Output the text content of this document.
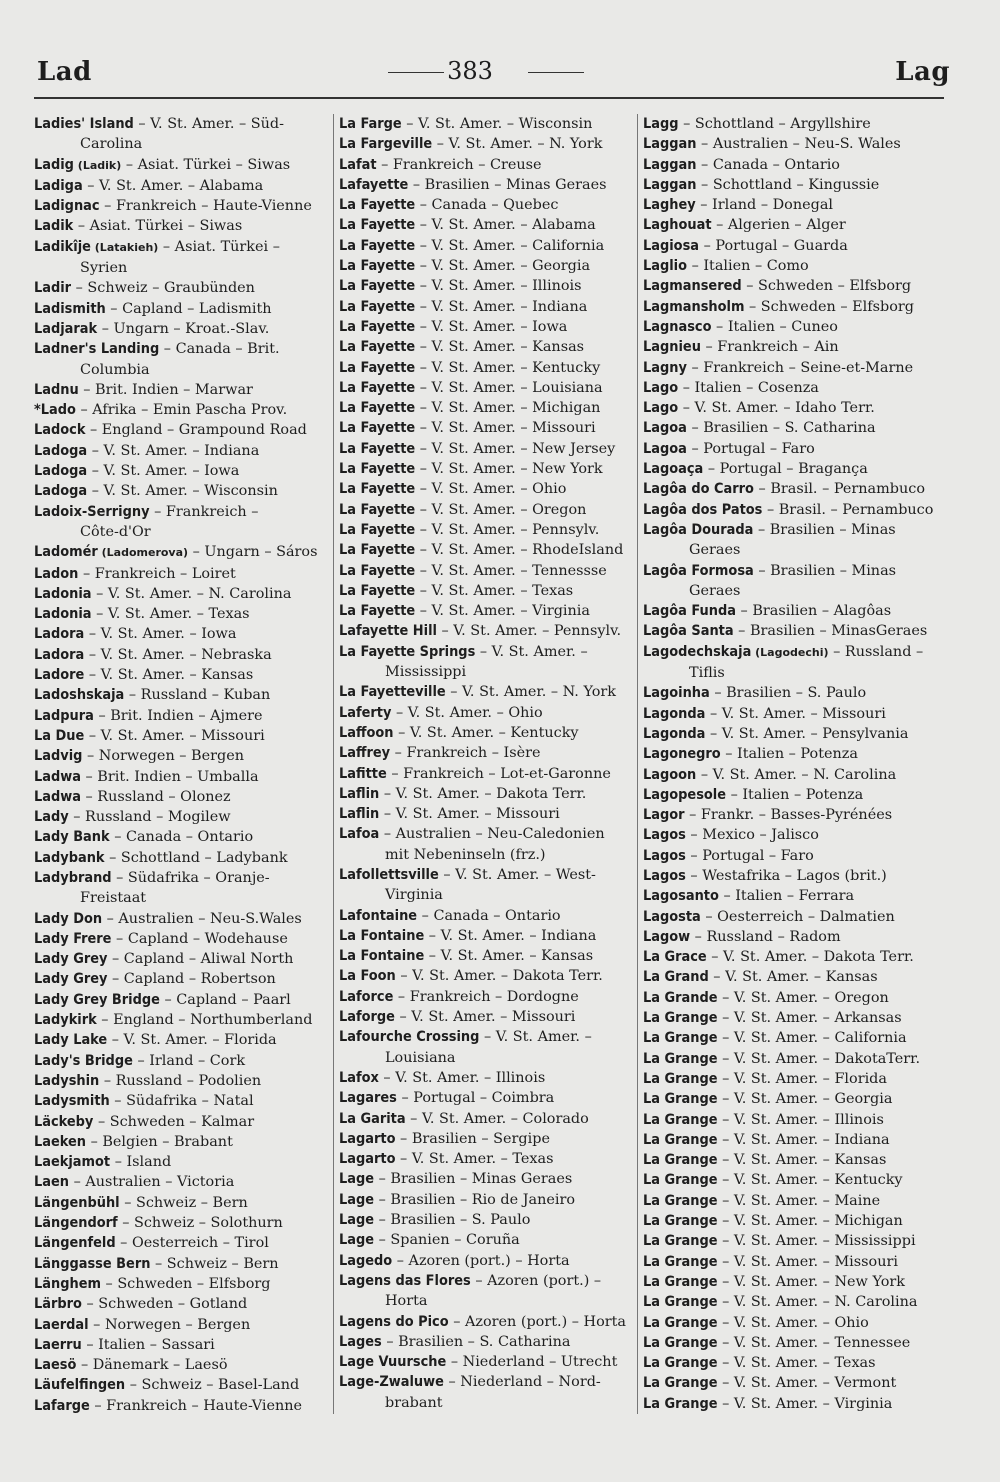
Lad	383	Lag

Ladies' Island – V. St. Amer. – Süd-
Carolina

Ladig (Ladik) – Asiat. Türkei – Siwas

Ladiga – V. St. Amer. – Alabama

Ladignac – Frankreich – Haute-Vienne

Ladik – Asiat. Türkei – Siwas

Ladikîje (Latakieh) – Asiat. Türkei –
Syrien

Ladir – Schweiz – Graubünden

Ladismith – Capland – Ladismith

Ladjarak – Ungarn – Kroat.-Slav.

Ladner's Landing – Canada – Brit.
Columbia

Ladnu – Brit. Indien – Marwar

*Lado – Afrika – Emin Pascha Prov.

Ladock – England – Grampound Road

Ladoga – V. St. Amer. – Indiana

Ladoga – V. St. Amer. – Iowa

Ladoga – V. St. Amer. – Wisconsin

Ladoix-Serrigny – Frankreich –
Côte-d'Or

Ladomér (Ladomerova) – Ungarn – Sáros

Ladon – Frankreich – Loiret

Ladonia – V. St. Amer. – N. Carolina

Ladonia – V. St. Amer. – Texas

Ladora – V. St. Amer. – Iowa

Ladora – V. St. Amer. – Nebraska

Ladore – V. St. Amer. – Kansas

Ladoshskaja – Russland – Kuban

Ladpura – Brit. Indien – Ajmere

La Due – V. St. Amer. – Missouri

Ladvig – Norwegen – Bergen

Ladwa – Brit. Indien – Umballa

Ladwa – Russland – Olonez

Lady – Russland – Mogilew

Lady Bank – Canada – Ontario

Ladybank – Schottland – Ladybank

Ladybrand – Südafrika – Oranje-
Freistaat

Lady Don – Australien – Neu-S.Wales

Lady Frere – Capland – Wodehause

Lady Grey – Capland – Aliwal North

Lady Grey – Capland – Robertson

Lady Grey Bridge – Capland – Paarl

Ladykirk – England – Northumberland

Lady Lake – V. St. Amer. – Florida

Lady's Bridge – Irland – Cork

Ladyshin – Russland – Podolien

Ladysmith – Südafrika – Natal

Läckeby – Schweden – Kalmar

Laeken – Belgien – Brabant

Laekjamot – Island

Laen – Australien – Victoria

Längenbühl – Schweiz – Bern

Längendorf – Schweiz – Solothurn

Längenfeld – Oesterreich – Tirol

Länggasse Bern – Schweiz – Bern

Länghem – Schweden – Elfsborg

Lärbro – Schweden – Gotland

Laerdal – Norwegen – Bergen

Laerru – Italien – Sassari

Laesö – Dänemark – Laesö

Läufelfingen – Schweiz – Basel-Land

Lafarge – Frankreich – Haute-Vienne

La Farge – V. St. Amer. – Wisconsin

La Fargeville – V. St. Amer. – N. York

Lafat – Frankreich – Creuse

Lafayette – Brasilien – Minas Geraes

La Fayette – Canada – Quebec

La Fayette – V. St. Amer. – Alabama

La Fayette – V. St. Amer. – California

La Fayette – V. St. Amer. – Georgia

La Fayette – V. St. Amer. – Illinois

La Fayette – V. St. Amer. – Indiana

La Fayette – V. St. Amer. – Iowa

La Fayette – V. St. Amer. – Kansas

La Fayette – V. St. Amer. – Kentucky

La Fayette – V. St. Amer. – Louisiana

La Fayette – V. St. Amer. – Michigan

La Fayette – V. St. Amer. – Missouri

La Fayette – V. St. Amer. – New Jersey

La Fayette – V. St. Amer. – New York

La Fayette – V. St. Amer. – Ohio

La Fayette – V. St. Amer. – Oregon

La Fayette – V. St. Amer. – Pennsylv.

La Fayette – V. St. Amer. – RhodeIsland

La Fayette – V. St. Amer. – Tennessse

La Fayette – V. St. Amer. – Texas

La Fayette – V. St. Amer. – Virginia

Lafayette Hill – V. St. Amer. – Pennsylv.

La Fayette Springs – V. St. Amer. –
Mississippi

La Fayetteville – V. St. Amer. – N. York

Laferty – V. St. Amer. – Ohio

Laffoon – V. St. Amer. – Kentucky

Laffrey – Frankreich – Isère

Lafitte – Frankreich – Lot-et-Garonne

Laflin – V. St. Amer. – Dakota Terr.

Laflin – V. St. Amer. – Missouri

Lafoa – Australien – Neu-Caledonien
mit Nebeninseln (frz.)

Lafollettsville – V. St. Amer. – West-
Virginia

Lafontaine – Canada – Ontario

La Fontaine – V. St. Amer. – Indiana

La Fontaine – V. St. Amer. – Kansas

La Foon – V. St. Amer. – Dakota Terr.

Laforce – Frankreich – Dordogne

Laforge – V. St. Amer. – Missouri

Lafourche Crossing – V. St. Amer. –
Louisiana

Lafox – V. St. Amer. – Illinois

Lagares – Portugal – Coimbra

La Garita – V. St. Amer. – Colorado

Lagarto – Brasilien – Sergipe

Lagarto – V. St. Amer. – Texas

Lage – Brasilien – Minas Geraes

Lage – Brasilien – Rio de Janeiro

Lage – Brasilien – S. Paulo

Lage – Spanien – Coruña

Lagedo – Azoren (port.) – Horta

Lagens das Flores – Azoren (port.) –
Horta

Lagens do Pico – Azoren (port.) – Horta

Lages – Brasilien – S. Catharina

Lage Vuursche – Niederland – Utrecht

Lage-Zwaluwe – Niederland – Nord-
brabant

Lagg – Schottland – Argyllshire

Laggan – Australien – Neu-S. Wales

Laggan – Canada – Ontario

Laggan – Schottland – Kingussie

Laghey – Irland – Donegal

Laghouat – Algerien – Alger

Lagiosa – Portugal – Guarda

Laglio – Italien – Como

Lagmansered – Schweden – Elfsborg

Lagmansholm – Schweden – Elfsborg

Lagnasco – Italien – Cuneo

Lagnieu – Frankreich – Ain

Lagny – Frankreich – Seine-et-Marne

Lago – Italien – Cosenza

Lago – V. St. Amer. – Idaho Terr.

Lagoa – Brasilien – S. Catharina

Lagoa – Portugal – Faro

Lagoaça – Portugal – Bragança

Lagôa do Carro – Brasil. – Pernambuco

Lagôa dos Patos – Brasil. – Pernambuco

Lagôa Dourada – Brasilien – Minas
Geraes

Lagôa Formosa – Brasilien – Minas
Geraes

Lagôa Funda – Brasilien – Alagôas

Lagôa Santa – Brasilien – MinasGeraes

Lagodechskaja (Lagodechi) – Russland –
Tiflis

Lagoinha – Brasilien – S. Paulo

Lagonda – V. St. Amer. – Missouri

Lagonda – V. St. Amer. – Pensylvania

Lagonegro – Italien – Potenza

Lagoon – V. St. Amer. – N. Carolina

Lagopesole – Italien – Potenza

Lagor – Frankr. – Basses-Pyrénées

Lagos – Mexico – Jalisco

Lagos – Portugal – Faro

Lagos – Westafrika – Lagos (brit.)

Lagosanto – Italien – Ferrara

Lagosta – Oesterreich – Dalmatien

Lagow – Russland – Radom

La Grace – V. St. Amer. – Dakota Terr.

La Grand – V. St. Amer. – Kansas

La Grande – V. St. Amer. – Oregon

La Grange – V. St. Amer. – Arkansas

La Grange – V. St. Amer. – California

La Grange – V. St. Amer. – DakotaTerr.

La Grange – V. St. Amer. – Florida

La Grange – V. St. Amer. – Georgia

La Grange – V. St. Amer. – Illinois

La Grange – V. St. Amer. – Indiana

La Grange – V. St. Amer. – Kansas

La Grange – V. St. Amer. – Kentucky

La Grange – V. St. Amer. – Maine

La Grange – V. St. Amer. – Michigan

La Grange – V. St. Amer. – Mississippi

La Grange – V. St. Amer. – Missouri

La Grange – V. St. Amer. – New York

La Grange – V. St. Amer. – N. Carolina

La Grange – V. St. Amer. – Ohio

La Grange – V. St. Amer. – Tennessee

La Grange – V. St. Amer. – Texas

La Grange – V. St. Amer. – Vermont

La Grange – V. St. Amer. – Virginia
